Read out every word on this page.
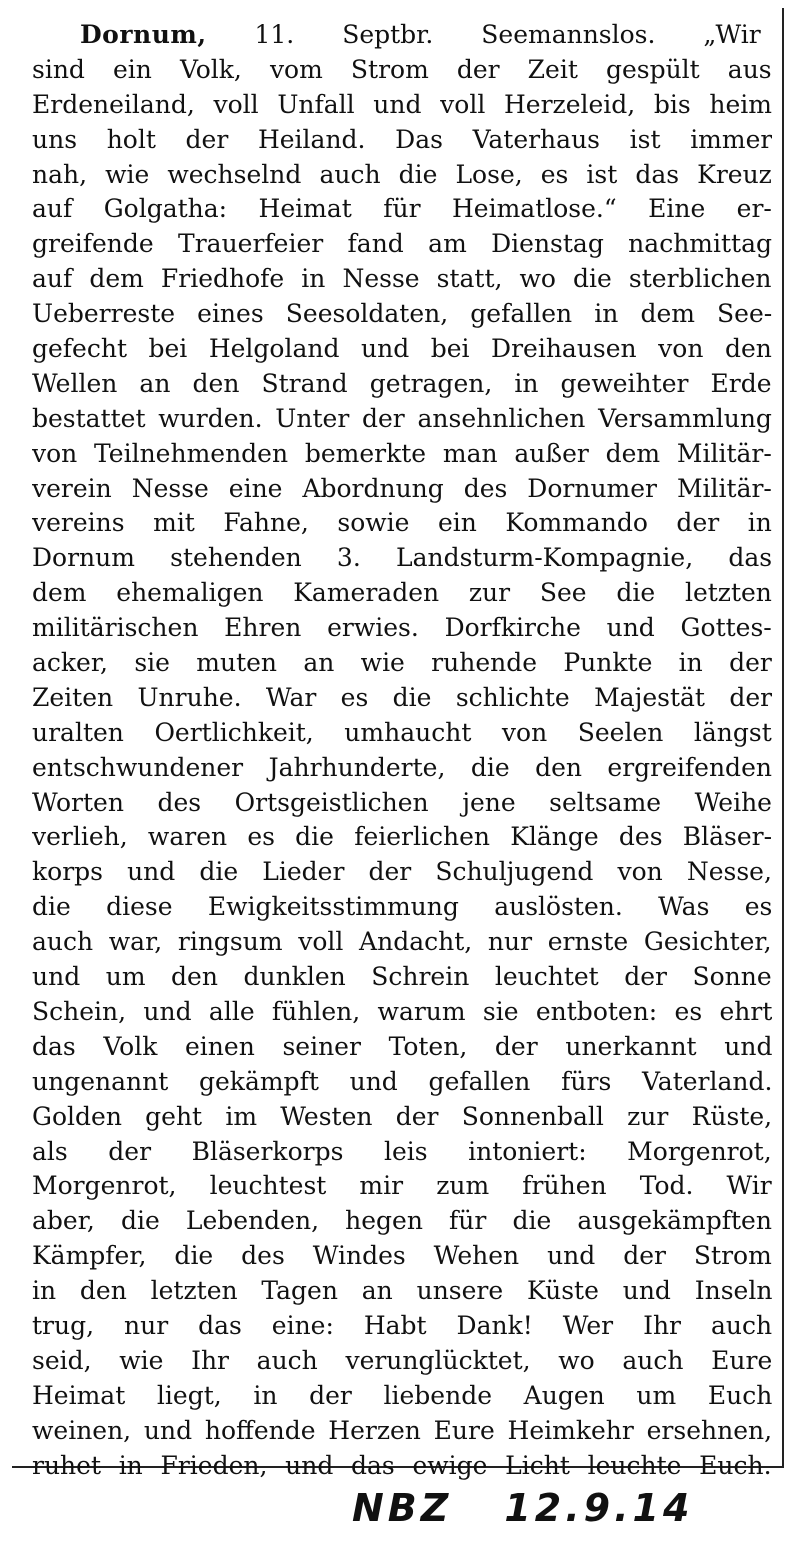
Dornum, 11. Septbr. Seemannslos. „Wir
sind ein Volk, vom Strom der Zeit gespült aus
Erdeneiland, voll Unfall und voll Herzeleid, bis heim
uns holt der Heiland. Das Vaterhaus ist immer
nah, wie wechselnd auch die Lose, es ist das Kreuz
auf Golgatha: Heimat für Heimatlose.“ Eine er-
greifende Trauerfeier fand am Dienstag nachmittag
auf dem Friedhofe in Nesse statt, wo die sterblichen
Ueberreste eines Seesoldaten, gefallen in dem See-
gefecht bei Helgoland und bei Dreihausen von den
Wellen an den Strand getragen, in geweihter Erde
bestattet wurden. Unter der ansehnlichen Versammlung
von Teilnehmenden bemerkte man außer dem Militär-
verein Nesse eine Abordnung des Dornumer Militär-
vereins mit Fahne, sowie ein Kommando der in
Dornum stehenden 3. Landsturm-Kompagnie, das
dem ehemaligen Kameraden zur See die letzten
militärischen Ehren erwies. Dorfkirche und Gottes-
acker, sie muten an wie ruhende Punkte in der
Zeiten Unruhe. War es die schlichte Majestät der
uralten Oertlichkeit, umhaucht von Seelen längst
entschwundener Jahrhunderte, die den ergreifenden
Worten des Ortsgeistlichen jene seltsame Weihe
verlieh, waren es die feierlichen Klänge des Bläser-
korps und die Lieder der Schuljugend von Nesse,
die diese Ewigkeitsstimmung auslösten. Was es
auch war, ringsum voll Andacht, nur ernste Gesichter,
und um den dunklen Schrein leuchtet der Sonne
Schein, und alle fühlen, warum sie entboten: es ehrt
das Volk einen seiner Toten, der unerkannt und
ungenannt gekämpft und gefallen fürs Vaterland.
Golden geht im Westen der Sonnenball zur Rüste,
als der Bläserkorps leis intoniert: Morgenrot,
Morgenrot, leuchtest mir zum frühen Tod. Wir
aber, die Lebenden, hegen für die ausgekämpften
Kämpfer, die des Windes Wehen und der Strom
in den letzten Tagen an unsere Küste und Inseln
trug, nur das eine: Habt Dank! Wer Ihr auch
seid, wie Ihr auch verunglücktet, wo auch Eure
Heimat liegt, in der liebende Augen um Euch
weinen, und hoffende Herzen Eure Heimkehr ersehnen,
ruhet in Frieden, und das ewige Licht leuchte Euch.
NBZ 12.9.14
